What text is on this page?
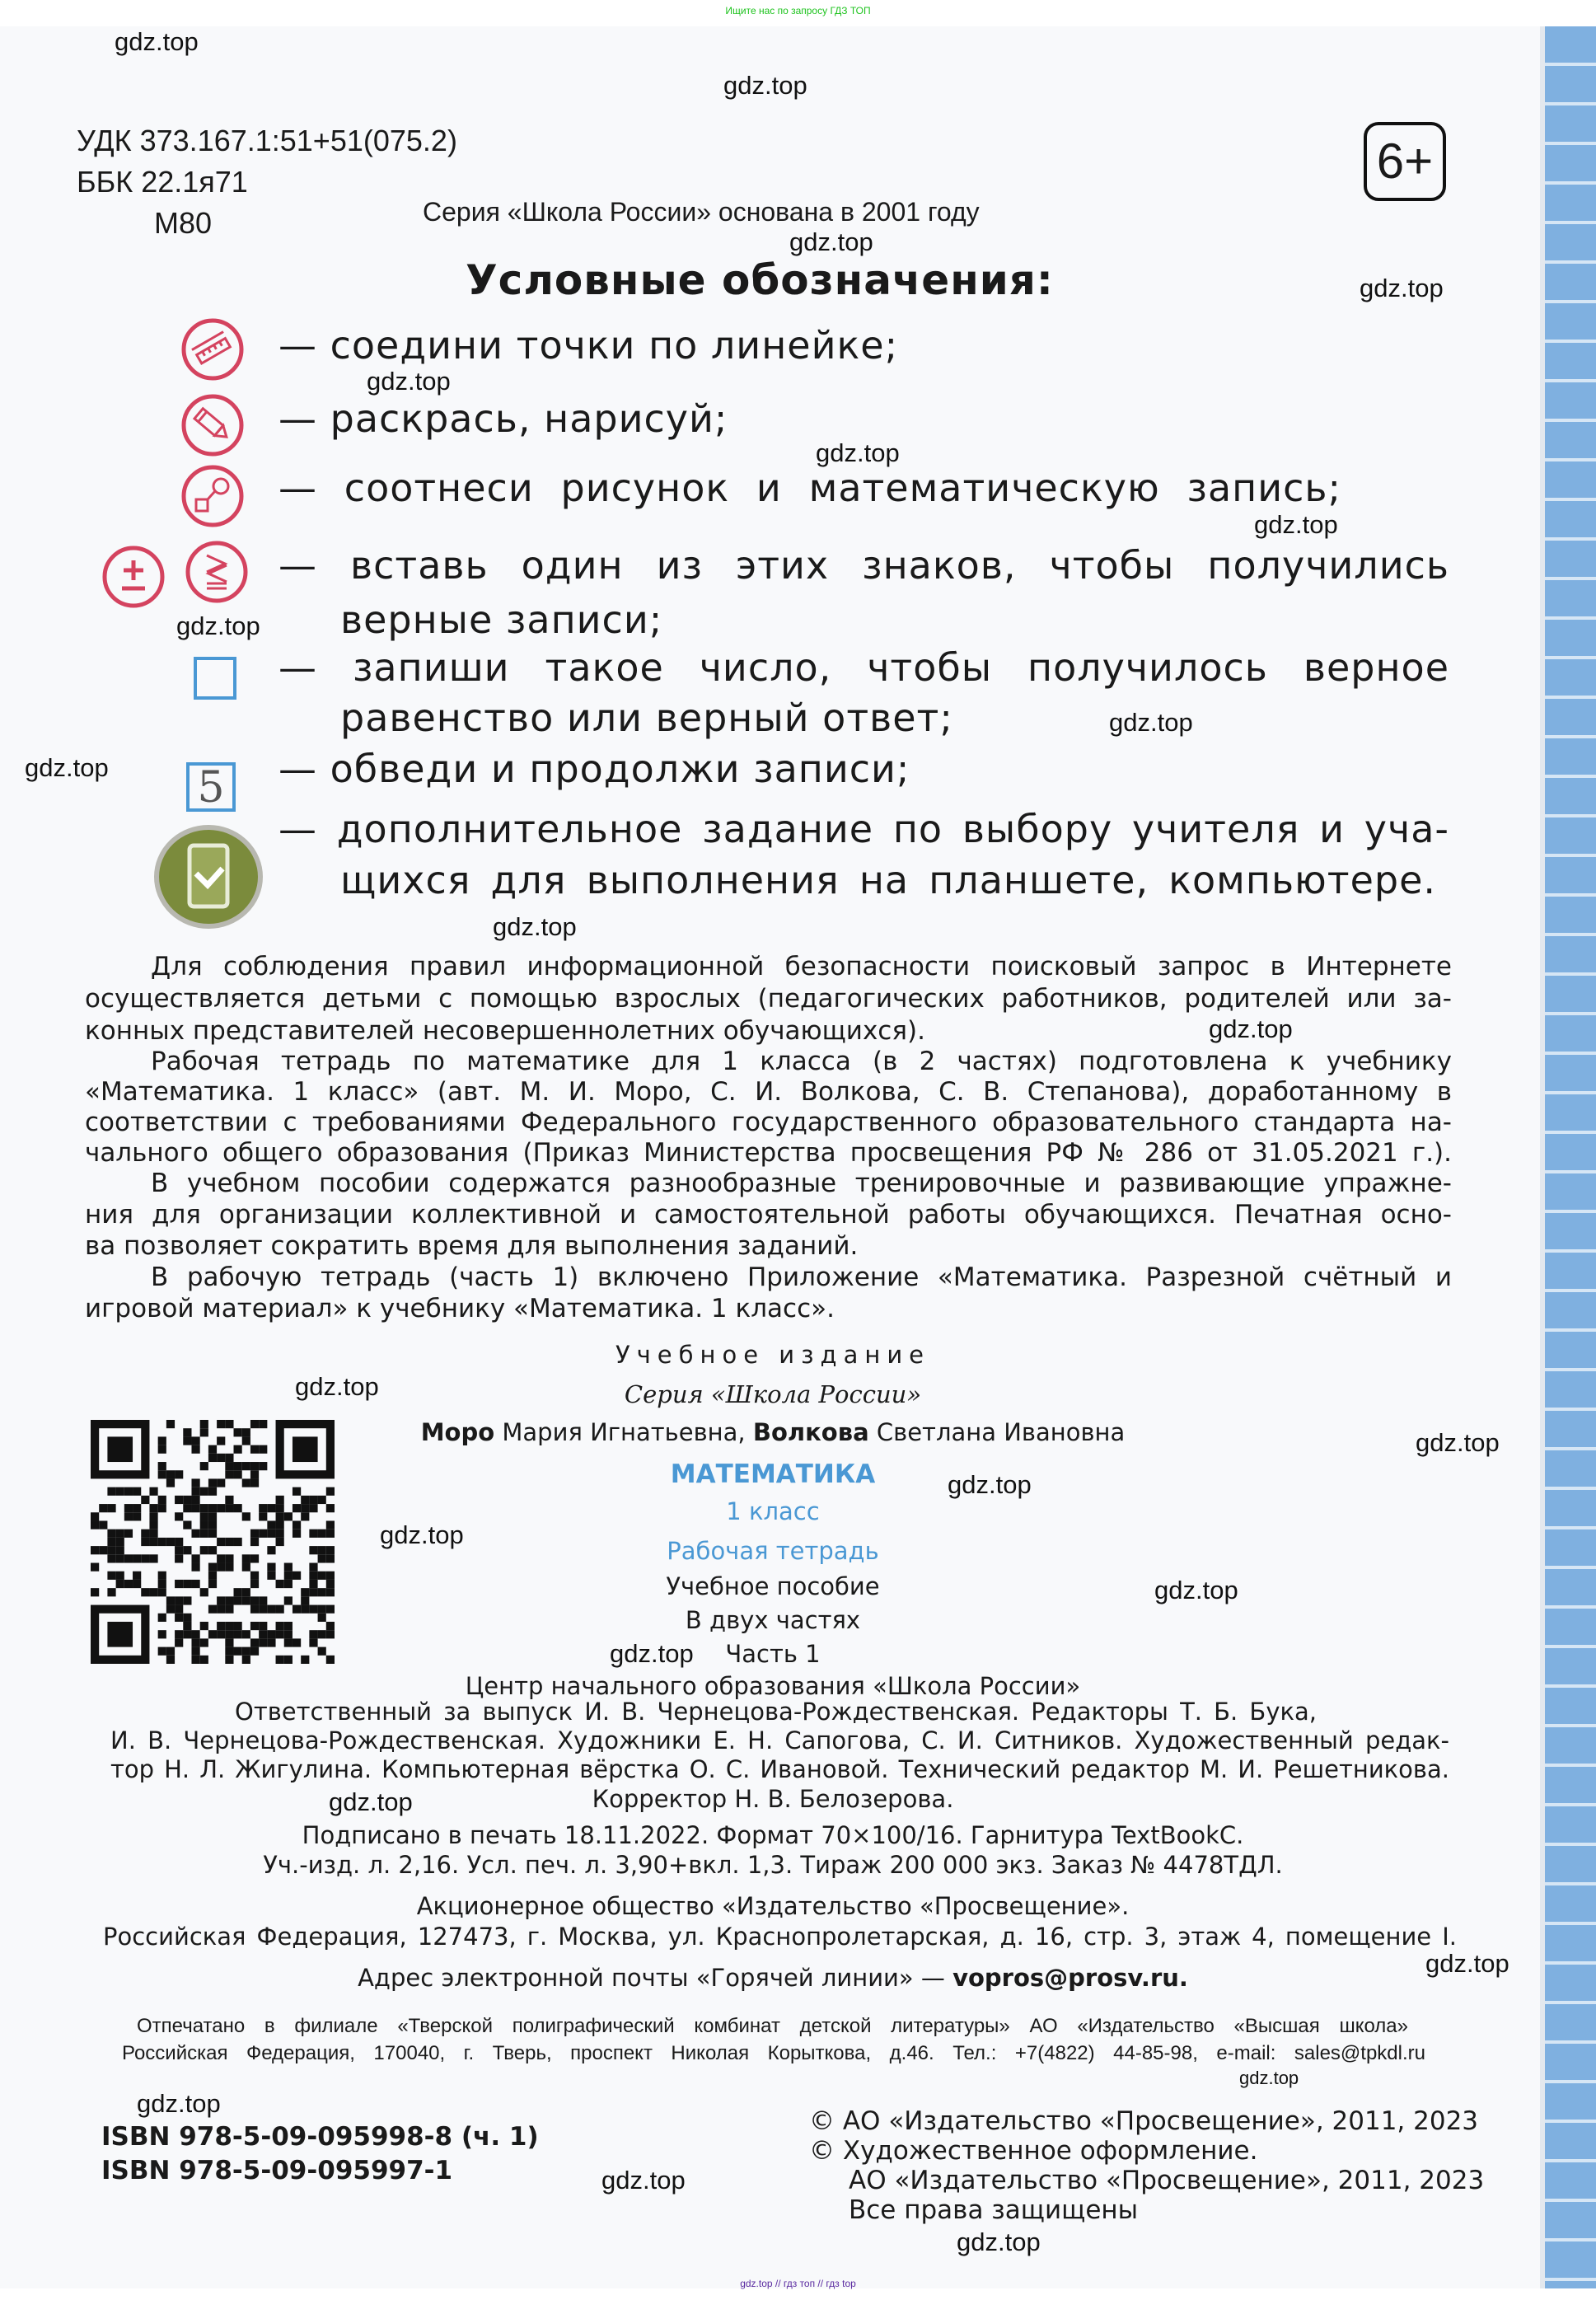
Ищите нас по запросу ГДЗ ТОП
УДК 373.167.1:51+51(075.2)
ББК 22.1я71
М80	Серия «Школа России» основана в 2001 году
6+
Условные обозначения:
5
— соедини точки по линейке;
— раскрась, нарисуй;
— соотнеси рисунок и математическую запись;
— вставь один из этих знаков, чтобы получились
верные записи;
— запиши такое число, чтобы получилось верное
равенство или верный ответ;
— обведи и продолжи записи;
— дополнительное задание по выбору учителя и уча-
щихся для выполнения на планшете, компьютере.
Для соблюдения правил информационной безопасности поисковый запрос в Интернете
осуществляется детьми с помощью взрослых (педагогических работников, родителей или за-
конных представителей несовершеннолетних обучающихся).
Рабочая тетрадь по математике для 1 класса (в 2 частях) подготовлена к учебнику
«Математика. 1 класс» (авт. М. И. Моро, С. И. Волкова, С. В. Степанова), доработанному в
соответствии с требованиями Федерального государственного образовательного стандарта на-
чального общего образования (Приказ Министерства просвещения РФ № 286 от 31.05.2021 г.).
В учебном пособии содержатся разнообразные тренировочные и развивающие упражне-
ния для организации коллективной и самостоятельной работы обучающихся. Печатная осно-
ва позволяет сократить время для выполнения заданий.
В рабочую тетрадь (часть 1) включено Приложение «Математика. Разрезной счётный и
игровой материал» к учебнику «Математика. 1 класс».
Учебное издание
Серия «Школа России»
Моро Мария Игнатьевна, Волкова Светлана Ивановна
МАТЕМАТИКА
1 класс
Рабочая тетрадь
Учебное пособие
В двух частях
Часть 1
Центр начального образования «Школа России»
Ответственный за выпуск И. В. Чернецова-Рождественская. Редакторы Т. Б. Бука,
И. В. Чернецова-Рождественская. Художники Е. Н. Сапогова, С. И. Ситников. Художественный редак-
тор Н. Л. Жигулина. Компьютерная вёрстка О. С. Ивановой. Технический редактор М. И. Решетникова.
Корректор Н. В. Белозерова.
Подписано в печать 18.11.2022. Формат 70×100/16. Гарнитура TextBookC.
Уч.-изд. л. 2,16. Усл. печ. л. 3,90+вкл. 1,3. Тираж 200 000 экз. Заказ № 4478ТДЛ.
Акционерное общество «Издательство «Просвещение».
Российская Федерация, 127473, г. Москва, ул. Краснопролетарская, д. 16, стр. 3, этаж 4, помещение I.
Адрес электронной почты «Горячей линии» — vopros@prosv.ru.
Отпечатано в филиале «Тверской полиграфический комбинат детской литературы» АО «Издательство «Высшая школа»
Российская Федерация, 170040, г. Тверь, проспект Николая Корыткова, д.46. Тел.: +7(4822) 44-85-98, e-mail: sales@tpkdl.ru
ISBN 978-5-09-095998-8 (ч. 1)
ISBN 978-5-09-095997-1
© АО «Издательство «Просвещение», 2011, 2023
© Художественное оформление.
АО «Издательство «Просвещение», 2011, 2023
Все права защищены
gdz.top
gdz.top
gdz.top
gdz.top
gdz.top
gdz.top
gdz.top
gdz.top
gdz.top
gdz.top
gdz.top
gdz.top
gdz.top
gdz.top
gdz.top
gdz.top
gdz.top
gdz.top
gdz.top
gdz.top
gdz.top
gdz.top
gdz.top
gdz.top
gdz.top // гдз топ // гдз top
